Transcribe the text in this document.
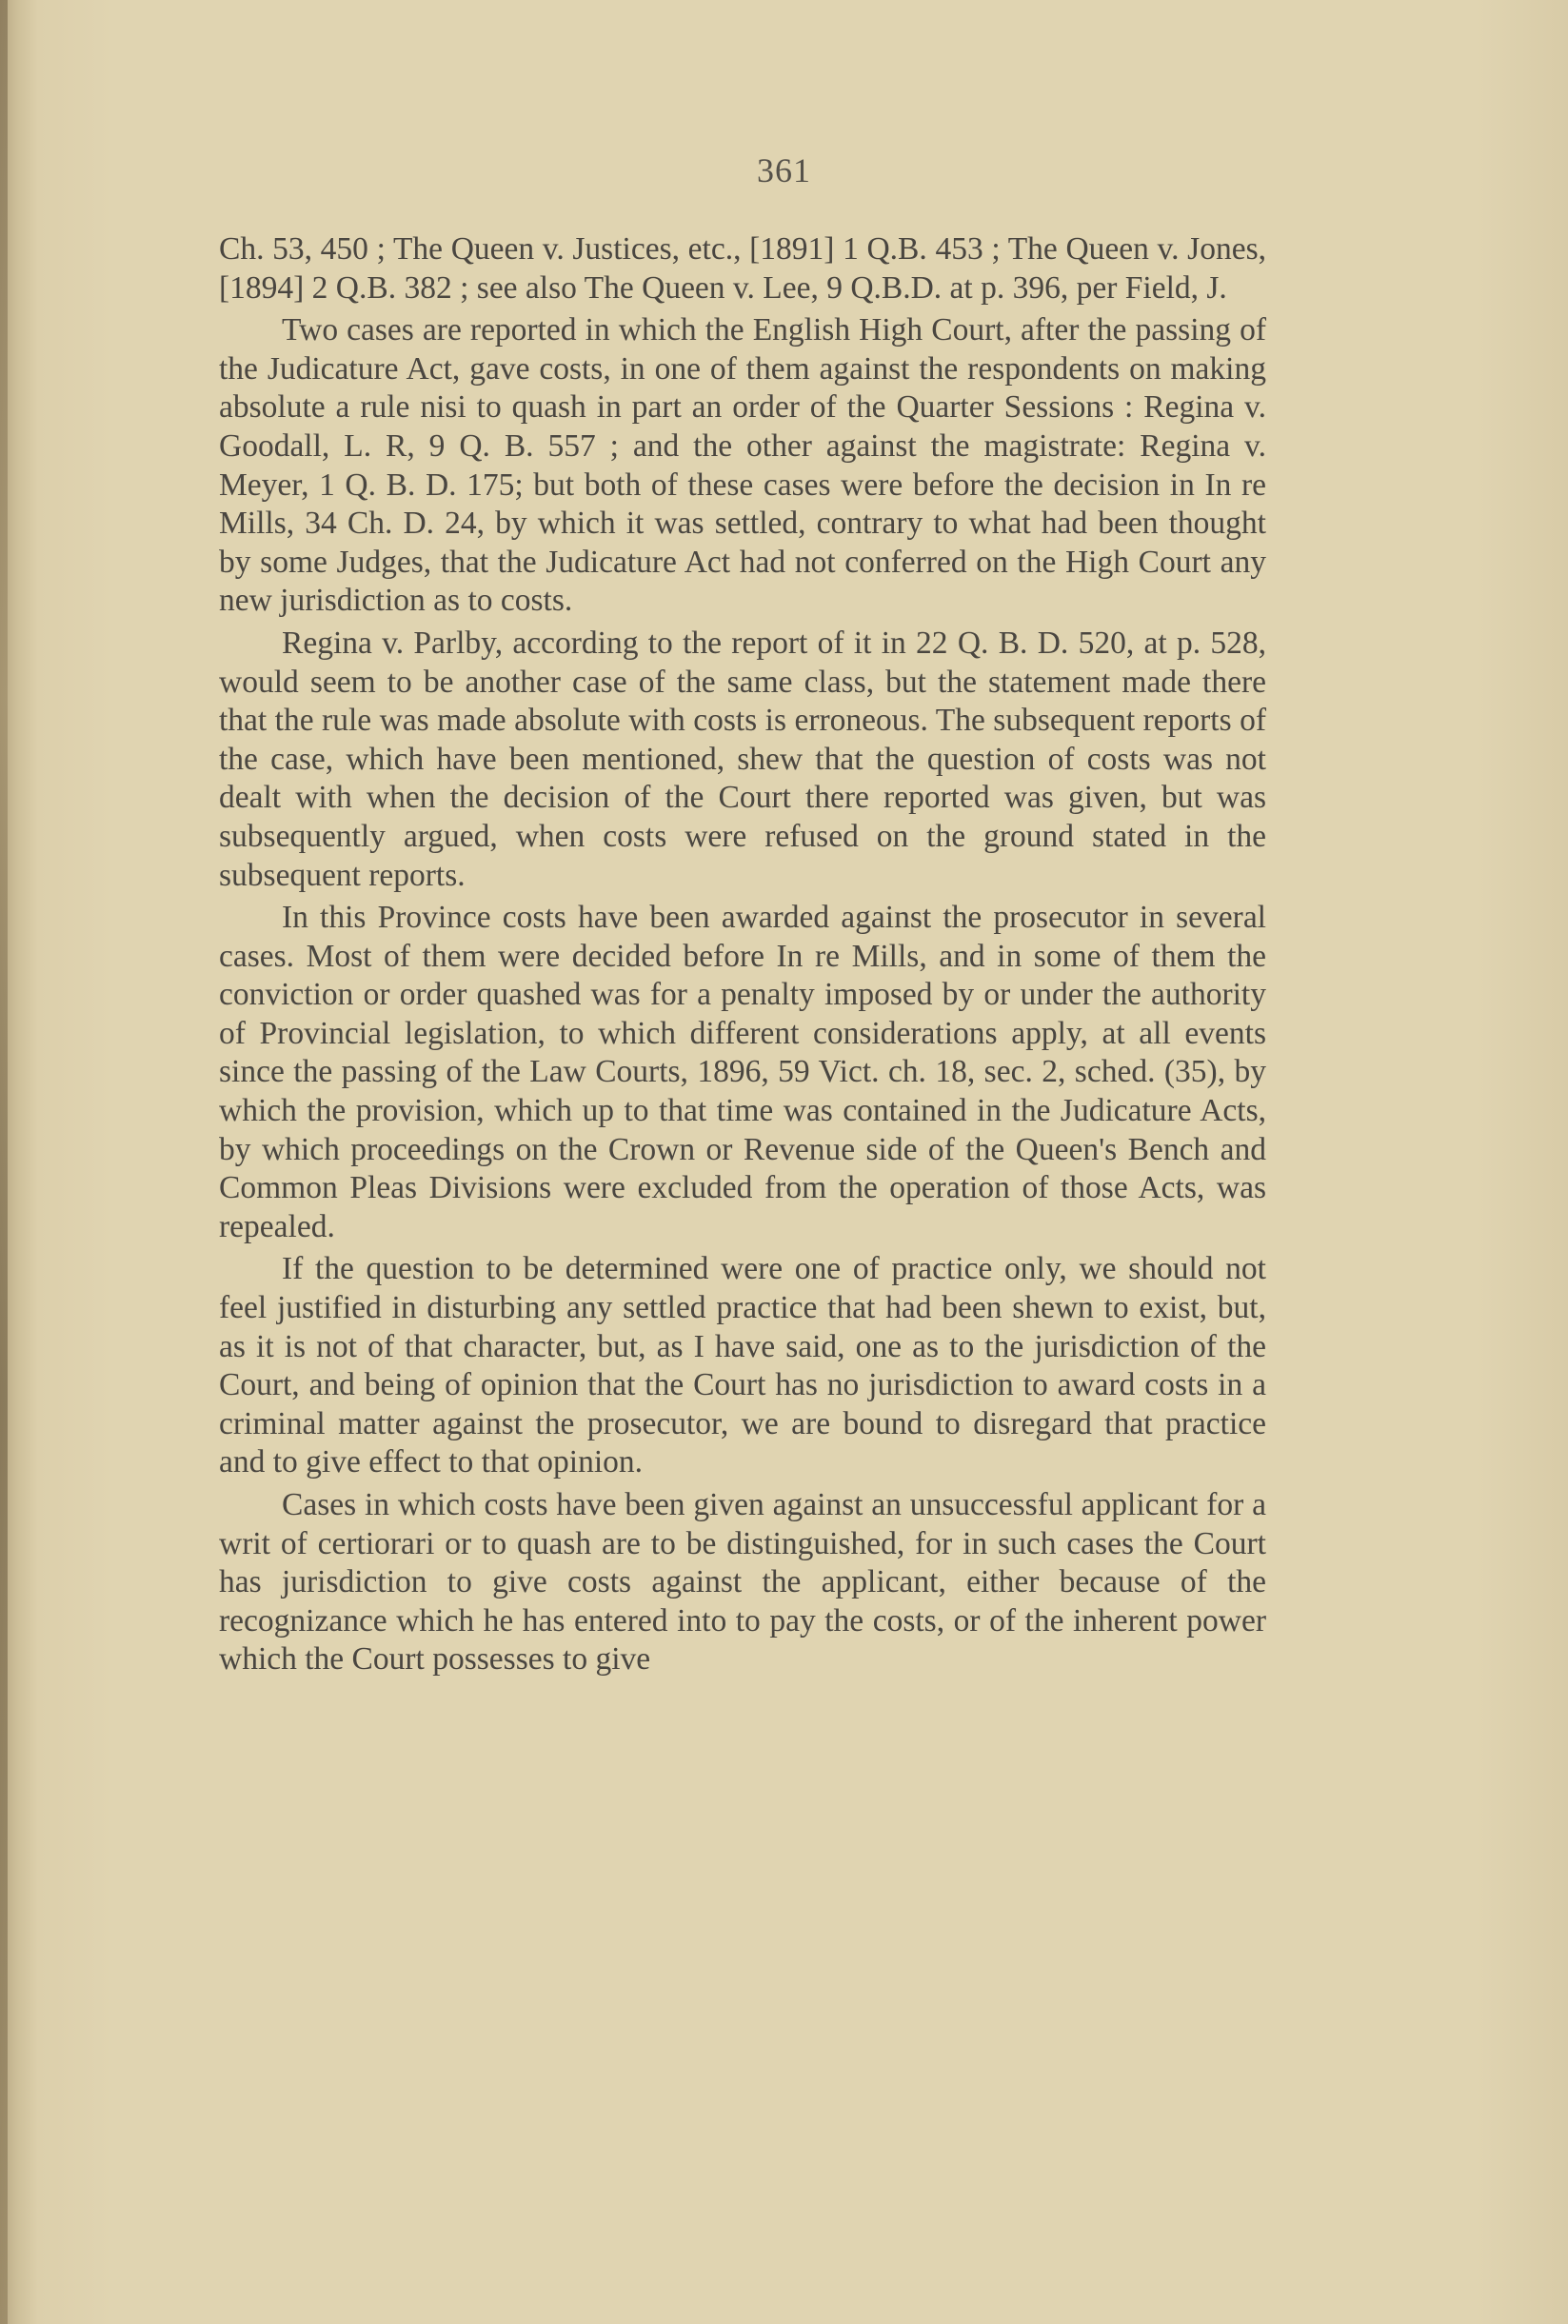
361

Ch. 53, 450 ; The Queen v. Justices, etc., [1891] 1 Q.B. 453 ; The Queen v. Jones, [1894] 2 Q.B. 382 ; see also The Queen v. Lee, 9 Q.B.D. at p. 396, per Field, J.

Two cases are reported in which the English High Court, after the passing of the Judicature Act, gave costs, in one of them against the respondents on making absolute a rule nisi to quash in part an order of the Quarter Sessions : Regina v. Goodall, L. R, 9 Q. B. 557 ; and the other against the magistrate: Regina v. Meyer, 1 Q. B. D. 175; but both of these cases were before the decision in In re Mills, 34 Ch. D. 24, by which it was settled, contrary to what had been thought by some Judges, that the Judicature Act had not conferred on the High Court any new jurisdiction as to costs.

Regina v. Parlby, according to the report of it in 22 Q. B. D. 520, at p. 528, would seem to be another case of the same class, but the statement made there that the rule was made absolute with costs is erroneous. The subsequent reports of the case, which have been mentioned, shew that the question of costs was not dealt with when the decision of the Court there reported was given, but was subsequently argued, when costs were refused on the ground stated in the subsequent reports.

In this Province costs have been awarded against the prosecutor in several cases. Most of them were decided before In re Mills, and in some of them the conviction or order quashed was for a penalty imposed by or under the authority of Provincial legislation, to which different considerations apply, at all events since the passing of the Law Courts, 1896, 59 Vict. ch. 18, sec. 2, sched. (35), by which the provision, which up to that time was contained in the Judicature Acts, by which proceedings on the Crown or Revenue side of the Queen's Bench and Common Pleas Divisions were excluded from the operation of those Acts, was repealed.

If the question to be determined were one of practice only, we should not feel justified in disturbing any settled practice that had been shewn to exist, but, as it is not of that character, but, as I have said, one as to the jurisdiction of the Court, and being of opinion that the Court has no jurisdiction to award costs in a criminal matter against the prosecutor, we are bound to disregard that practice and to give effect to that opinion.

Cases in which costs have been given against an unsuccessful applicant for a writ of certiorari or to quash are to be distinguished, for in such cases the Court has jurisdiction to give costs against the applicant, either because of the recognizance which he has entered into to pay the costs, or of the inherent power which the Court possesses to give
